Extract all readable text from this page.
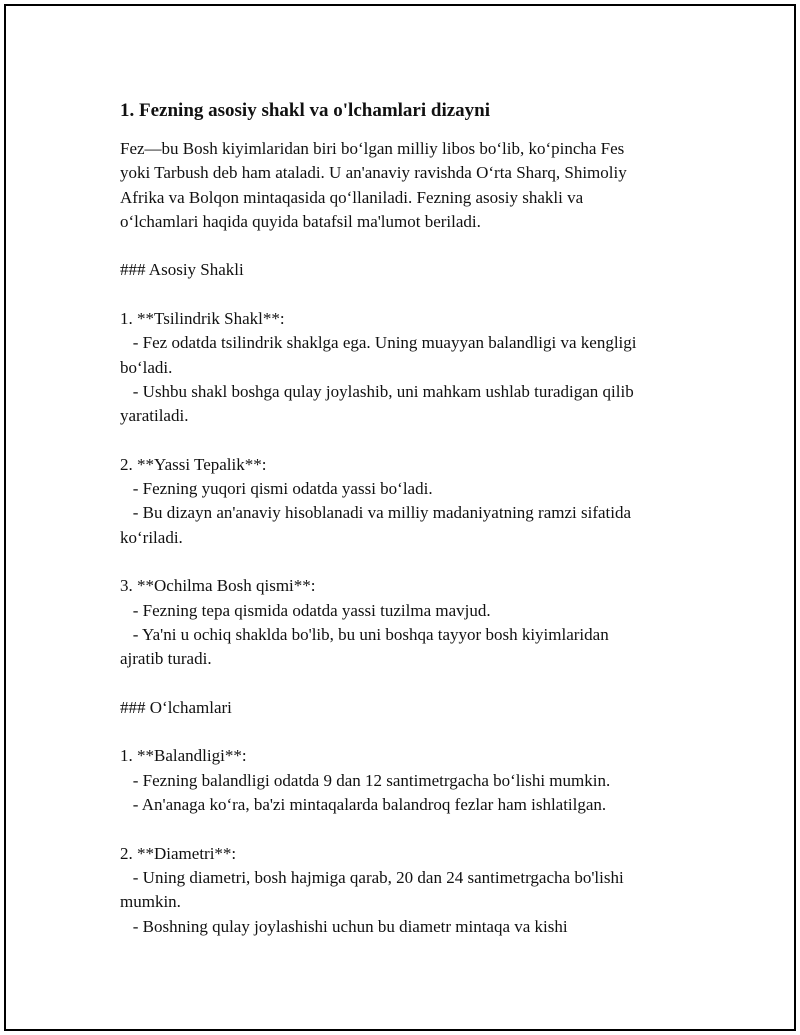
1. Fezning asosiy shakl va o'lchamlari dizayni
Fez—bu Bosh kiyimlaridan biri boʻlgan milliy libos boʻlib, koʻpincha Fes
yoki Tarbush deb ham ataladi. U an'anaviy ravishda Oʻrta Sharq, Shimoliy
Afrika va Bolqon mintaqasida qoʻllaniladi. Fezning asosiy shakli va
oʻlchamlari haqida quyida batafsil ma'lumot beriladi.
### Asosiy Shakli
1. **Tsilindrik Shakl**:
- Fez odatda tsilindrik shaklga ega. Uning muayyan balandligi va kengligi
boʻladi.
- Ushbu shakl boshga qulay joylashib, uni mahkam ushlab turadigan qilib
yaratiladi.
2. **Yassi Tepalik**:
- Fezning yuqori qismi odatda yassi boʻladi.
- Bu dizayn an'anaviy hisoblanadi va milliy madaniyatning ramzi sifatida
koʻriladi.
3. **Ochilma Bosh qismi**:
- Fezning tepa qismida odatda yassi tuzilma mavjud.
- Ya'ni u ochiq shaklda bo'lib, bu uni boshqa tayyor bosh kiyimlaridan
ajratib turadi.
### Oʻlchamlari
1. **Balandligi**:
- Fezning balandligi odatda 9 dan 12 santimetrgacha boʻlishi mumkin.
- An'anaga koʻra, ba'zi mintaqalarda balandroq fezlar ham ishlatilgan.
2. **Diametri**:
- Uning diametri, bosh hajmiga qarab, 20 dan 24 santimetrgacha bo'lishi
mumkin.
- Boshning qulay joylashishi uchun bu diametr mintaqa va kishi
